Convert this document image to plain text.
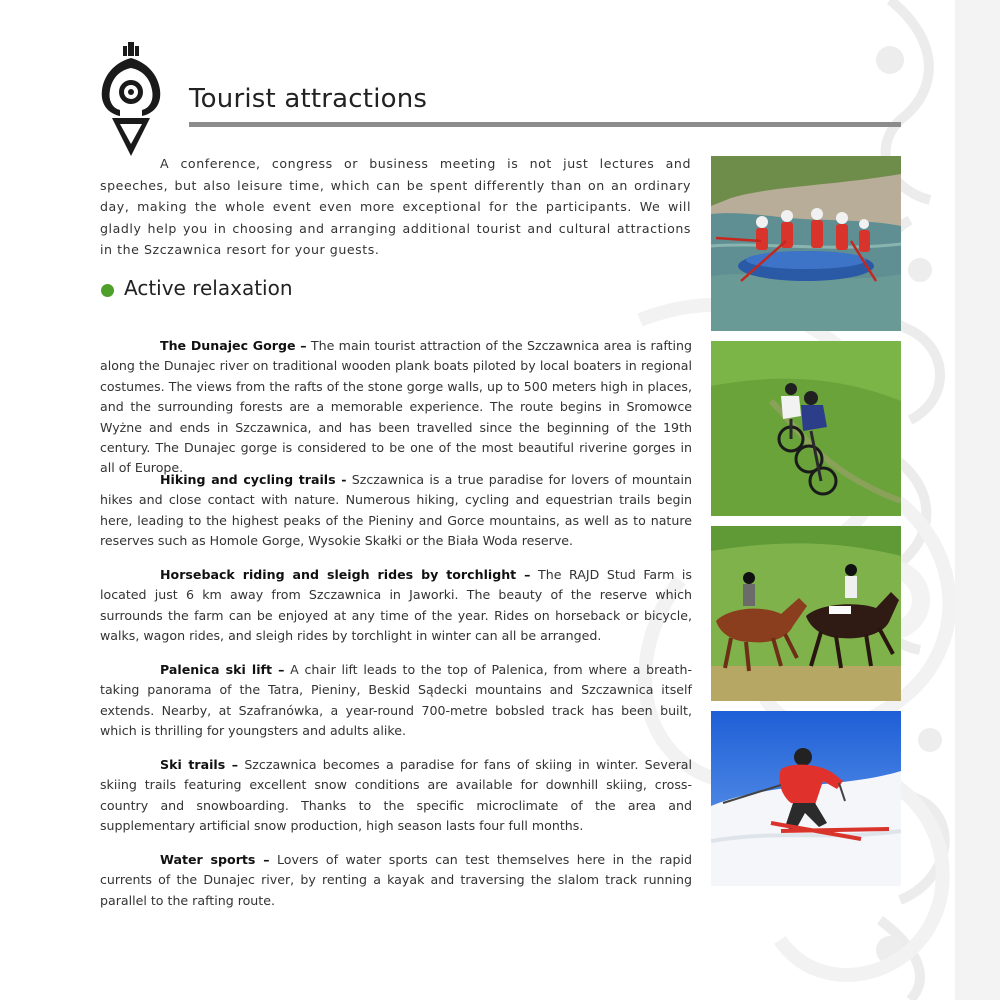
Tourist attractions

A conference, congress or business meeting is not just lectures and speeches, but also leisure time, which can be spent differently than on an ordinary day, making the whole event even more exceptional for the participants. We will gladly help you in choosing and arranging additional tourist and cultural attractions in the Szczawnica resort for your guests.

Active relaxation

The Dunajec Gorge – The main tourist attraction of the Szczawnica area is rafting along the Dunajec river on traditional wooden plank boats piloted by local boaters in regional costumes. The views from the rafts of the stone gorge walls, up to 500 meters high in places, and the surrounding forests are a memorable experience. The route begins in Sromowce Wyżne and ends in Szczawnica, and has been travelled since the beginning of the 19th century. The Dunajec gorge is considered to be one of the most beautiful riverine gorges in all of Europe.

Hiking and cycling trails - Szczawnica is a true paradise for lovers of mountain hikes and close contact with nature. Numerous hiking, cycling and equestrian trails begin here, leading to the highest peaks of the Pieniny and Gorce mountains, as well as to nature reserves such as Homole Gorge, Wysokie Skałki or the Biała Woda reserve.

Horseback riding and sleigh rides by torchlight – The RAJD Stud Farm is located just 6 km away from Szczawnica in Jaworki. The beauty of the reserve which surrounds the farm can be enjoyed at any time of the year. Rides on horseback or bicycle, walks, wagon rides, and sleigh rides by torchlight in winter can all be arranged.

Palenica ski lift – A chair lift leads to the top of Palenica, from where a breath-taking panorama of the Tatra, Pieniny, Beskid Sądecki mountains and Szczawnica itself extends. Nearby, at Szafranówka, a year-round 700-metre bobsled track has been built, which is thrilling for youngsters and adults alike.

Ski trails – Szczawnica becomes a paradise for fans of skiing in winter. Several skiing trails featuring excellent snow conditions are available for downhill skiing, cross-country and snowboarding. Thanks to the specific microclimate of the area and supplementary artificial snow production, high season lasts four full months.

Water sports – Lovers of water sports can test themselves here in the rapid currents of the Dunajec river, by renting a kayak and traversing the slalom track running parallel to the rafting route.
